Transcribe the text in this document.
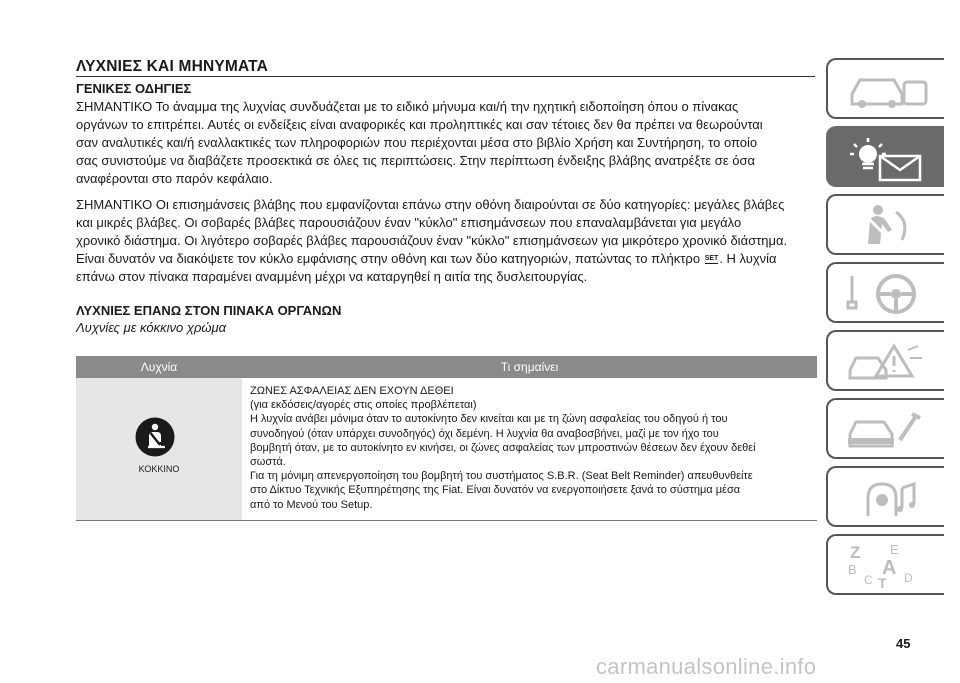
ΛΥΧΝΙΕΣ ΚΑΙ ΜΗΝΥΜΑΤΑ
ΓΕΝΙΚΕΣ ΟΔΗΓΙΕΣ

ΣΗΜΑΝΤΙΚΟ Το άναμμα της λυχνίας συνδυάζεται με το ειδικό μήνυμα και/ή την ηχητική ειδοποίηση όπου ο πίνακας

οργάνων το επιτρέπει. Αυτές οι ενδείξεις είναι αναφορικές και προληπτικές και σαν τέτοιες δεν θα πρέπει να θεωρούνται

σαν αναλυτικές και/ή εναλλακτικές των πληροφοριών που περιέχονται μέσα στο βιβλίο Χρήση και Συντήρηση, το οποίο

σας συνιστούμε να διαβάζετε προσεκτικά σε όλες τις περιπτώσεις. Στην περίπτωση ένδειξης βλάβης ανατρέξτε σε όσα

αναφέρονται στο παρόν κεφάλαιο.

ΣΗΜΑΝΤΙΚΟ Οι επισημάνσεις βλάβης που εμφανίζονται επάνω στην οθόνη διαιρούνται σε δύο κατηγορίες: μεγάλες βλάβες

και μικρές βλάβες. Οι σοβαρές βλάβες παρουσιάζουν έναν "κύκλο" επισημάνσεων που επαναλαμβάνεται για μεγάλο

χρονικό διάστημα. Οι λιγότερο σοβαρές βλάβες παρουσιάζουν έναν "κύκλο" επισημάνσεων για μικρότερο χρονικό διάστημα.

Είναι δυνατόν να διακόψετε τον κύκλο εμφάνισης στην οθόνη και των δύο κατηγοριών, πατώντας το πλήκτρο SET. Η λυχνία

επάνω στον πίνακα παραμένει αναμμένη μέχρι να καταργηθεί η αιτία της δυσλειτουργίας.

ΛΥΧΝΙΕΣ ΕΠΑΝΩ ΣΤΟΝ ΠΙΝΑΚΑ ΟΡΓΑΝΩΝ
Λυχνίες με κόκκινο χρώμα
Λυχνία	Τι σημαίνει
ΚΟΚΚΙΝΟ
ΖΩΝΕΣ ΑΣΦΑΛΕΙΑΣ ΔΕΝ ΕΧΟΥΝ ΔΕΘΕΙ
(για εκδόσεις/αγορές στις οποίες προβλέπεται)
Η λυχνία ανάβει μόνιμα όταν το αυτοκίνητο δεν κινείται και με τη ζώνη ασφαλείας του οδηγού ή του
συνοδηγού (όταν υπάρχει συνοδηγός) όχι δεμένη. Η λυχνία θα αναβοσβήνει, μαζί με τον ήχο του
βομβητή όταν, με το αυτοκίνητο εν κινήσει, οι ζώνες ασφαλείας των μπροστινών θέσεων δεν έχουν δεθεί
σωστά.
Για τη μόνιμη απενεργοποίηση του βομβητή του συστήματος S.B.R. (Seat Belt Reminder) απευθυνθείτε
στο Δίκτυο Τεχνικής Εξυπηρέτησης της Fiat. Είναι δυνατόν να ενεργοποιήσετε ξανά το σύστημα μέσα
από το Μενού του Setup.
Z E
B A
C T D
45
carmanualsonline.info
